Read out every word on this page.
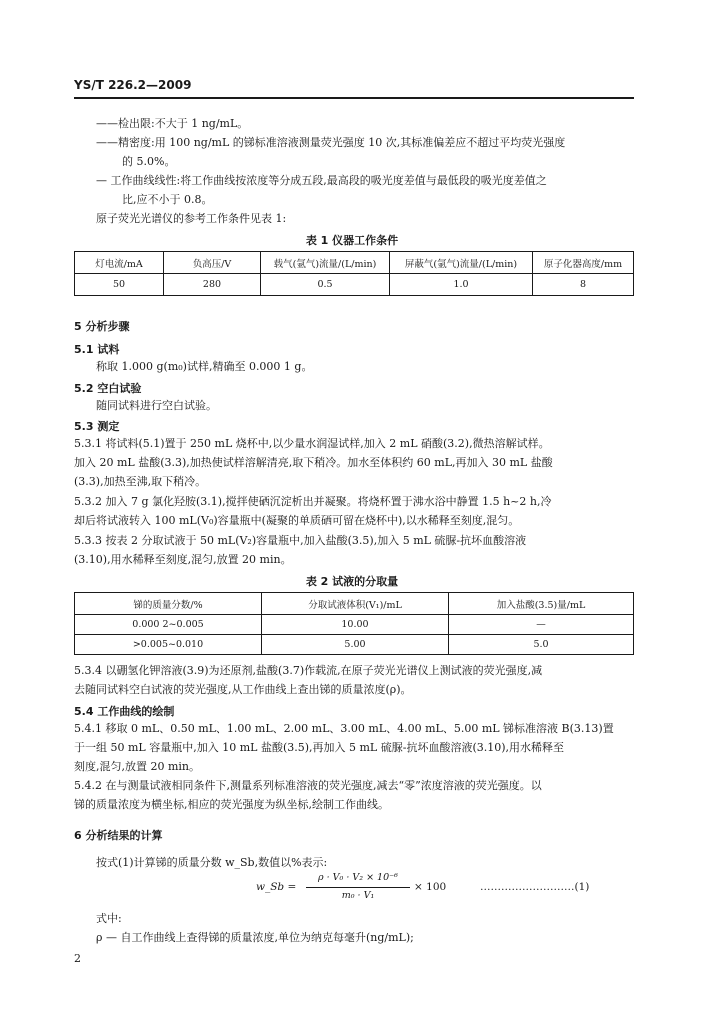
YS/T 226.2—2009
——检出限:不大于 1 ng/mL。
——精密度:用 100 ng/mL 的锑标准溶液测量荧光强度 10 次,其标准偏差应不超过平均荧光强度
的 5.0%。
— 工作曲线线性:将工作曲线按浓度等分成五段,最高段的吸光度差值与最低段的吸光度差值之
比,应不小于 0.8。
原子荧光光谱仪的参考工作条件见表 1:
表 1 仪器工作条件
灯电流/mA	负高压/V	载气(氩气)流量/(L/min)	屏蔽气(氩气)流量/(L/min)	原子化器高度/mm
50	280	0.5	1.0	8
5 分析步骤
5.1 试料
称取 1.000 g(m₀)试样,精确至 0.000 1 g。
5.2 空白试验
随同试料进行空白试验。
5.3 测定
5.3.1 将试料(5.1)置于 250 mL 烧杯中,以少量水润湿试样,加入 2 mL 硝酸(3.2),微热溶解试样。
加入 20 mL 盐酸(3.3),加热使试样溶解清亮,取下稍冷。加水至体积约 60 mL,再加入 30 mL 盐酸
(3.3),加热至沸,取下稍冷。
5.3.2 加入 7 g 氯化羟胺(3.1),搅拌使硒沉淀析出并凝聚。将烧杯置于沸水浴中静置 1.5 h~2 h,冷
却后将试液转入 100 mL(V₀)容量瓶中(凝聚的单质硒可留在烧杯中),以水稀释至刻度,混匀。
5.3.3 按表 2 分取试液于 50 mL(V₂)容量瓶中,加入盐酸(3.5),加入 5 mL 硫脲-抗坏血酸溶液
(3.10),用水稀释至刻度,混匀,放置 20 min。
表 2 试液的分取量
锑的质量分数/%	分取试液体积(V₁)/mL	加入盐酸(3.5)量/mL
0.000 2~0.005	10.00	—
>0.005~0.010	5.00	5.0
5.3.4 以硼氢化钾溶液(3.9)为还原剂,盐酸(3.7)作载流,在原子荧光光谱仪上测试液的荧光强度,减
去随同试料空白试液的荧光强度,从工作曲线上查出锑的质量浓度(ρ)。
5.4 工作曲线的绘制
5.4.1 移取 0 mL、0.50 mL、1.00 mL、2.00 mL、3.00 mL、4.00 mL、5.00 mL 锑标准溶液 B(3.13)置
于一组 50 mL 容量瓶中,加入 10 mL 盐酸(3.5),再加入 5 mL 硫脲-抗坏血酸溶液(3.10),用水稀释至
刻度,混匀,放置 20 min。
5.4.2 在与测量试液相同条件下,测量系列标准溶液的荧光强度,减去“零”浓度溶液的荧光强度。以
锑的质量浓度为横坐标,相应的荧光强度为纵坐标,绘制工作曲线。
6 分析结果的计算
按式(1)计算锑的质量分数 w_Sb,数值以%表示:
w_Sb =
ρ · V₀ · V₂ × 10⁻⁶
m₀ · V₁
× 100	………………………(1)
式中:
ρ — 自工作曲线上查得锑的质量浓度,单位为纳克每毫升(ng/mL);
2
